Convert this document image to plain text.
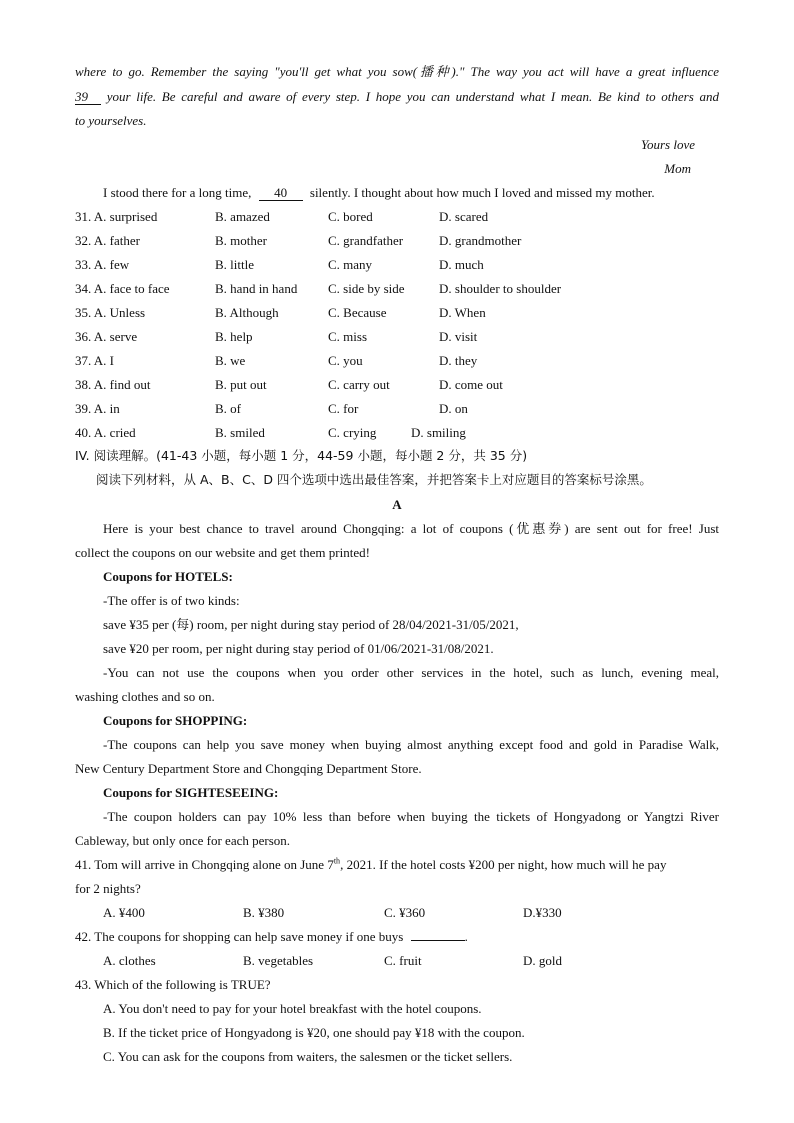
where to go. Remember the saying "you'll get what you sow(播种)." The way you act will have a great influence
39 your life. Be careful and aware of every step. I hope you can understand what I mean. Be kind to others and
to yourselves.
Yours love
Mom
I stood there for a long time, 40 silently. I thought about how much I loved and missed my mother.
31. A. surprised	B. amazed	C. bored	D. scared
32. A. father	B. mother	C. grandfather	D. grandmother
33. A. few	B. little	C. many	D. much
34. A. face to face	B. hand in hand C. side by side	D. shoulder to shoulder
35. A. Unless	B. Although	C. Because	D. When
36. A. serve	B. help	C. miss	D. visit
37. A. I	B. we	C. you	D. they
38. A. find out	B. put out	C. carry out	D. come out
39. A. in	B. of	C. for	D. on
40. A. cried	B. smiled	C. crying	D. smiling
IV. 阅读理解。(41-43 小题，每小题 1 分，44-59 小题，每小题 2 分，共 35 分)
阅读下列材料，从 A、B、C、D 四个选项中选出最佳答案，并把答案卡上对应题目的答案标号涂黑。
A
Here is your best chance to travel around Chongqing: a lot of coupons (优惠券) are sent out for free! Just
collect the coupons on our website and get them printed!
Coupons for HOTELS:
-The offer is of two kinds:
save ¥35 per (每) room, per night during stay period of 28/04/2021-31/05/2021,
save ¥20 per room, per night during stay period of 01/06/2021-31/08/2021.
-You can not use the coupons when you order other services in the hotel, such as lunch, evening meal,
washing clothes and so on.
Coupons for SHOPPING:
-The coupons can help you save money when buying almost anything except food and gold in Paradise Walk,
New Century Department Store and Chongqing Department Store.
Coupons for SIGHTESEEING:
-The coupon holders can pay 10% less than before when buying the tickets of Hongyadong or Yangtzi River
Cableway, but only once for each person.
41. Tom will arrive in Chongqing alone on June 7th, 2021. If the hotel costs ¥200 per night, how much will he pay
for 2 nights?
A. ¥400	B. ¥380	C. ¥360	D.¥330
42. The coupons for shopping can help save money if one buys	.
A. clothes	B. vegetables	C. fruit	D. gold
43. Which of the following is TRUE?
A. You don't need to pay for your hotel breakfast with the hotel coupons.
B. If the ticket price of Hongyadong is ¥20, one should pay ¥18 with the coupon.
C. You can ask for the coupons from waiters, the salesmen or the ticket sellers.
